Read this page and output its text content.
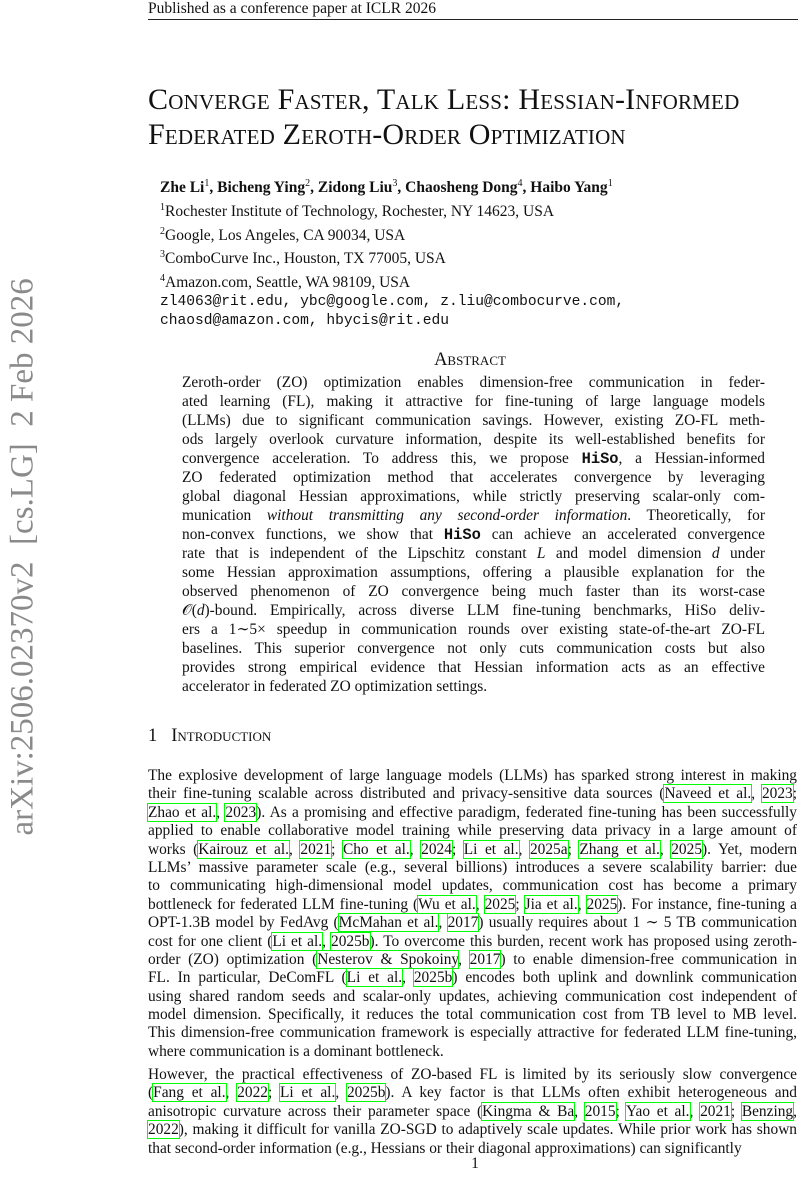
Published as a conference paper at ICLR 2026
arXiv:2506.02370v2  [cs.LG]  2 Feb 2026
Converge Faster, Talk Less: Hessian-Informed
Federated Zeroth-Order Optimization
Zhe Li$^1$, Bicheng Ying$^2$, Zidong Liu$^3$, Chaosheng Dong$^4$, Haibo Yang$^1$
$^1$Rochester Institute of Technology, Rochester, NY 14623, USA
$^2$Google, Los Angeles, CA 90034, USA
$^3$ComboCurve Inc., Houston, TX 77005, USA
$^4$Amazon.com, Seattle, WA 98109, USA
zl4063@rit.edu, ybc@google.com, z.liu@combocurve.com,
chaosd@amazon.com, hbycis@rit.edu
Abstract
Zeroth-order (ZO) optimization enables dimension-free communication in feder-
ated learning (FL), making it attractive for fine-tuning of large language models
(LLMs) due to significant communication savings. However, existing ZO-FL meth-
ods largely overlook curvature information, despite its well-established benefits for
convergence acceleration. To address this, we propose HiSo, a Hessian-informed
ZO federated optimization method that accelerates convergence by leveraging
global diagonal Hessian approximations, while strictly preserving scalar-only com-
munication without transmitting any second-order information. Theoretically, for
non-convex functions, we show that HiSo can achieve an accelerated convergence
rate that is independent of the Lipschitz constant L and model dimension d under
some Hessian approximation assumptions, offering a plausible explanation for the
observed phenomenon of ZO convergence being much faster than its worst-case
𝒪(d)-bound. Empirically, across diverse LLM fine-tuning benchmarks, HiSo deliv-
ers a 1∼5× speedup in communication rounds over existing state-of-the-art ZO-FL
baselines. This superior convergence not only cuts communication costs but also
provides strong empirical evidence that Hessian information acts as an effective
accelerator in federated ZO optimization settings.
1 Introduction
The explosive development of large language models (LLMs) has sparked strong interest in making
their fine-tuning scalable across distributed and privacy-sensitive data sources (Naveed et al., 2023;
Zhao et al., 2023). As a promising and effective paradigm, federated fine-tuning has been successfully
applied to enable collaborative model training while preserving data privacy in a large amount of
works (Kairouz et al., 2021; Cho et al., 2024; Li et al., 2025a; Zhang et al., 2025). Yet, modern
LLMs’ massive parameter scale (e.g., several billions) introduces a severe scalability barrier: due
to communicating high-dimensional model updates, communication cost has become a primary
bottleneck for federated LLM fine-tuning (Wu et al., 2025; Jia et al., 2025). For instance, fine-tuning a
OPT-1.3B model by FedAvg (McMahan et al., 2017) usually requires about 1 ∼ 5 TB communication
cost for one client (Li et al., 2025b). To overcome this burden, recent work has proposed using zeroth-
order (ZO) optimization (Nesterov & Spokoiny, 2017) to enable dimension-free communication in
FL. In particular, DeComFL (Li et al., 2025b) encodes both uplink and downlink communication
using shared random seeds and scalar-only updates, achieving communication cost independent of
model dimension. Specifically, it reduces the total communication cost from TB level to MB level.
This dimension-free communication framework is especially attractive for federated LLM fine-tuning,
where communication is a dominant bottleneck.
However, the practical effectiveness of ZO-based FL is limited by its seriously slow convergence
(Fang et al., 2022; Li et al., 2025b). A key factor is that LLMs often exhibit heterogeneous and
anisotropic curvature across their parameter space (Kingma & Ba, 2015; Yao et al., 2021; Benzing,
2022), making it difficult for vanilla ZO-SGD to adaptively scale updates. While prior work has shown
that second-order information (e.g., Hessians or their diagonal approximations) can significantly
1
